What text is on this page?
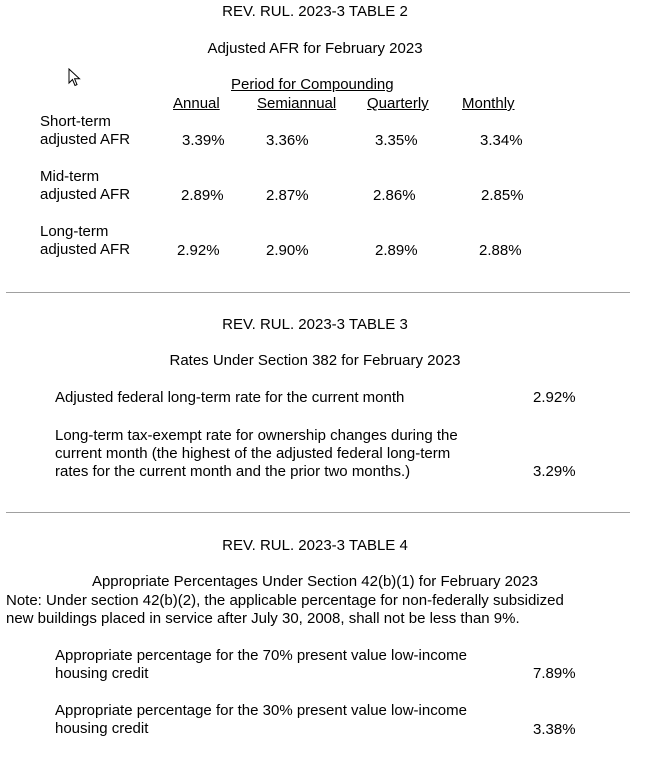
REV. RUL. 2023-3 TABLE 2
Adjusted AFR for February 2023
Period for Compounding
Annual Semiannual Quarterly Monthly
Short-term
adjusted AFR	3.39%	3.36%	3.35%	3.34%
Mid-term
adjusted AFR	2.89%	2.87%	2.86%	2.85%
Long-term
adjusted AFR	2.92%	2.90%	2.89%	2.88%
REV. RUL. 2023-3 TABLE 3
Rates Under Section 382 for February 2023
Adjusted federal long-term rate for the current month	2.92%
Long-term tax-exempt rate for ownership changes during the
current month (the highest of the adjusted federal long-term
rates for the current month and the prior two months.)	3.29%
REV. RUL. 2023-3 TABLE 4
Appropriate Percentages Under Section 42(b)(1) for February 2023
Note: Under section 42(b)(2), the applicable percentage for non-federally subsidized
new buildings placed in service after July 30, 2008, shall not be less than 9%.
Appropriate percentage for the 70% present value low-income
housing credit	7.89%
Appropriate percentage for the 30% present value low-income
housing credit	3.38%
